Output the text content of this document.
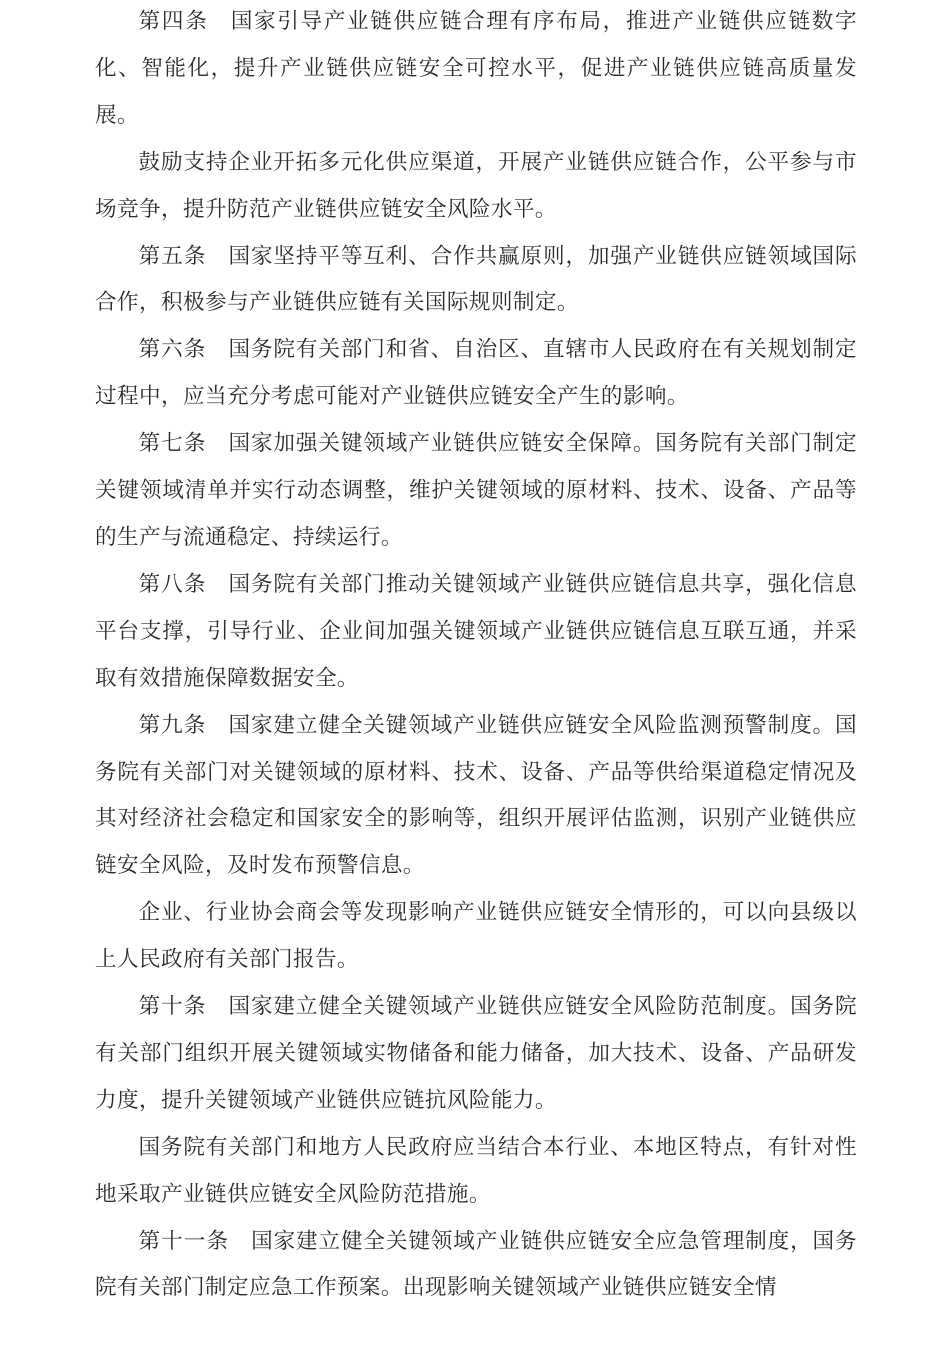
第四条 国家引导产业链供应链合理有序布局，推进产业链供应链数字化、智能化，提升产业链供应链安全可控水平，促进产业链供应链高质量发展。

鼓励支持企业开拓多元化供应渠道，开展产业链供应链合作，公平参与市场竞争，提升防范产业链供应链安全风险水平。

第五条 国家坚持平等互利、合作共赢原则，加强产业链供应链领域国际合作，积极参与产业链供应链有关国际规则制定。

第六条 国务院有关部门和省、自治区、直辖市人民政府在有关规划制定过程中，应当充分考虑可能对产业链供应链安全产生的影响。

第七条 国家加强关键领域产业链供应链安全保障。国务院有关部门制定关键领域清单并实行动态调整，维护关键领域的原材料、技术、设备、产品等的生产与流通稳定、持续运行。

第八条 国务院有关部门推动关键领域产业链供应链信息共享，强化信息平台支撑，引导行业、企业间加强关键领域产业链供应链信息互联互通，并采取有效措施保障数据安全。

第九条 国家建立健全关键领域产业链供应链安全风险监测预警制度。国务院有关部门对关键领域的原材料、技术、设备、产品等供给渠道稳定情况及其对经济社会稳定和国家安全的影响等，组织开展评估监测，识别产业链供应链安全风险，及时发布预警信息。

企业、行业协会商会等发现影响产业链供应链安全情形的，可以向县级以上人民政府有关部门报告。

第十条 国家建立健全关键领域产业链供应链安全风险防范制度。国务院有关部门组织开展关键领域实物储备和能力储备，加大技术、设备、产品研发力度，提升关键领域产业链供应链抗风险能力。

国务院有关部门和地方人民政府应当结合本行业、本地区特点，有针对性地采取产业链供应链安全风险防范措施。

第十一条 国家建立健全关键领域产业链供应链安全应急管理制度，国务院有关部门制定应急工作预案。出现影响关键领域产业链供应链安全情
